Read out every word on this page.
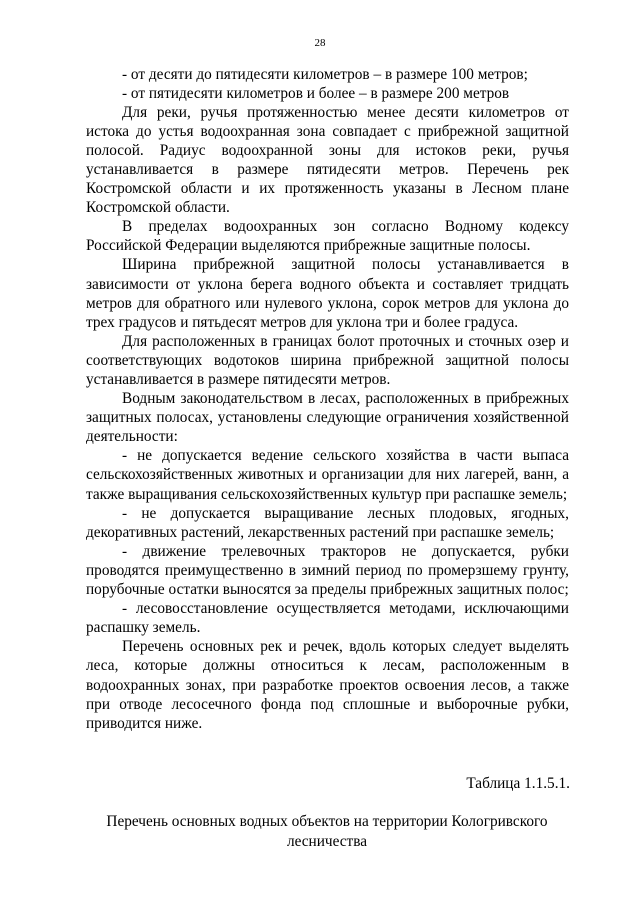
28
- от десяти до пятидесяти километров – в размере 100 метров;
- от пятидесяти километров и более – в размере 200 метров

Для реки, ручья протяженностью менее десяти километров от истока до устья водоохранная зона совпадает с прибрежной защитной полосой. Радиус водоохранной зоны для истоков реки, ручья устанавливается в размере пятидесяти метров. Перечень рек Костромской области и их протяженность указаны в Лесном плане Костромской области.

В пределах водоохранных зон согласно Водному кодексу Российской Федерации выделяются прибрежные защитные полосы.

Ширина прибрежной защитной полосы устанавливается в зависимости от уклона берега водного объекта и составляет тридцать метров для обратного или нулевого уклона, сорок метров для уклона до трех градусов и пятьдесят метров для уклона три и более градуса.

Для расположенных в границах болот проточных и сточных озер и соответствующих водотоков ширина прибрежной защитной полосы устанавливается в размере пятидесяти метров.

Водным законодательством в лесах, расположенных в прибрежных защитных полосах, установлены следующие ограничения хозяйственной деятельности:

- не допускается ведение сельского хозяйства в части выпаса сельскохозяйственных животных и организации для них лагерей, ванн, а также выращивания сельскохозяйственных культур при распашке земель;

- не допускается выращивание лесных плодовых, ягодных, декоративных растений, лекарственных растений при распашке земель;

- движение трелевочных тракторов не допускается, рубки проводятся преимущественно в зимний период по промерзшему грунту, порубочные остатки выносятся за пределы прибрежных защитных полос;

- лесовосстановление осуществляется методами, исключающими распашку земель.

Перечень основных рек и речек, вдоль которых следует выделять леса, которые должны относиться к лесам, расположенным в водоохранных зонах, при разработке проектов освоения лесов, а также при отводе лесосечного фонда под сплошные и выборочные рубки, приводится ниже.

Таблица 1.1.5.1.
Перечень основных водных объектов на территории Кологривского лесничества
